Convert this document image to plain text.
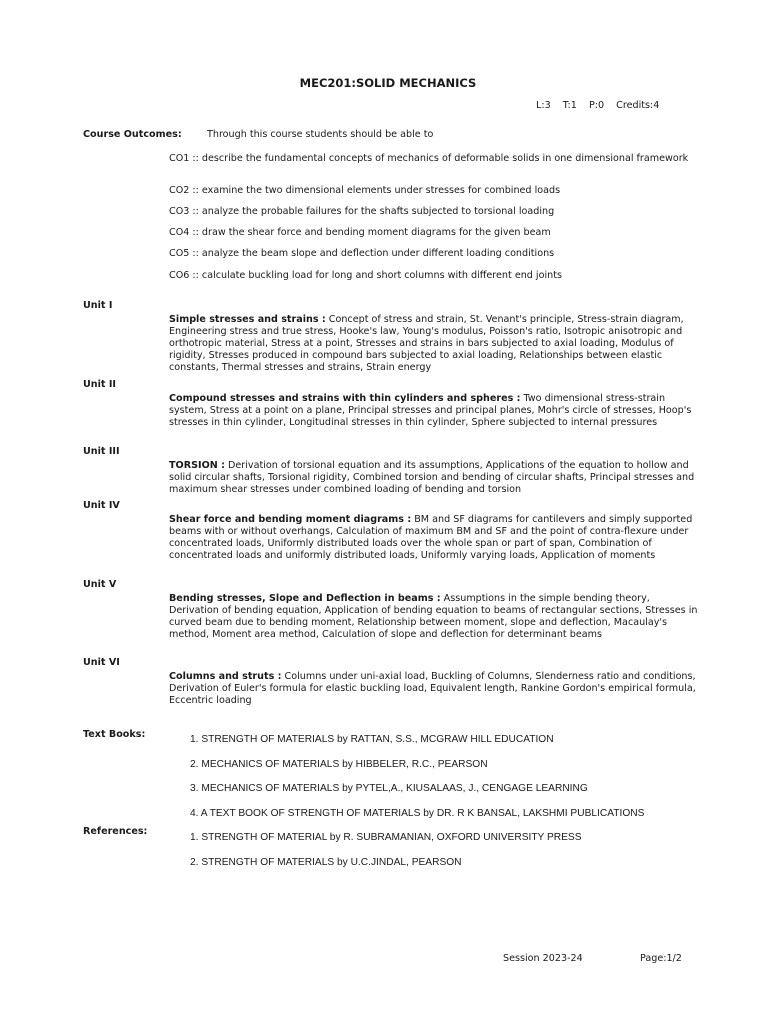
MEC201:SOLID MECHANICS
L:3 T:1 P:0 Credits:4
Course Outcomes:	Through this course students should be able to
CO1 :: describe the fundamental concepts of mechanics of deformable solids in one dimensional framework
CO2 :: examine the two dimensional elements under stresses for combined loads
CO3 :: analyze the probable failures for the shafts subjected to torsional loading
CO4 :: draw the shear force and bending moment diagrams for the given beam
CO5 :: analyze the beam slope and deflection under different loading conditions
CO6 :: calculate buckling load for long and short columns with different end joints
Unit I
Simple stresses and strains : Concept of stress and strain, St. Venant's principle, Stress-strain diagram, Engineering stress and true stress, Hooke's law, Young's modulus, Poisson's ratio, Isotropic anisotropic and orthotropic material, Stress at a point, Stresses and strains in bars subjected to axial loading, Modulus of rigidity, Stresses produced in compound bars subjected to axial loading, Relationships between elastic constants, Thermal stresses and strains, Strain energy
Unit II
Compound stresses and strains with thin cylinders and spheres : Two dimensional stress-strain system, Stress at a point on a plane, Principal stresses and principal planes, Mohr's circle of stresses, Hoop's stresses in thin cylinder, Longitudinal stresses in thin cylinder, Sphere subjected to internal pressures
Unit III
TORSION : Derivation of torsional equation and its assumptions, Applications of the equation to hollow and solid circular shafts, Torsional rigidity, Combined torsion and bending of circular shafts, Principal stresses and maximum shear stresses under combined loading of bending and torsion
Unit IV
Shear force and bending moment diagrams : BM and SF diagrams for cantilevers and simply supported beams with or without overhangs, Calculation of maximum BM and SF and the point of contra-flexure under concentrated loads, Uniformly distributed loads over the whole span or part of span, Combination of concentrated loads and uniformly distributed loads, Uniformly varying loads, Application of moments
Unit V
Bending stresses, Slope and Deflection in beams : Assumptions in the simple bending theory, Derivation of bending equation, Application of bending equation to beams of rectangular sections, Stresses in curved beam due to bending moment, Relationship between moment, slope and deflection, Macaulay's method, Moment area method, Calculation of slope and deflection for determinant beams
Unit VI
Columns and struts : Columns under uni-axial load, Buckling of Columns, Slenderness ratio and conditions, Derivation of Euler's formula for elastic buckling load, Equivalent length, Rankine Gordon's empirical formula, Eccentric loading
Text Books:	1. STRENGTH OF MATERIALS by RATTAN, S.S., MCGRAW HILL EDUCATION
2. MECHANICS OF MATERIALS by HIBBELER, R.C., PEARSON
3. MECHANICS OF MATERIALS by PYTEL,A., KIUSALAAS, J., CENGAGE LEARNING
4. A TEXT BOOK OF STRENGTH OF MATERIALS by DR. R K BANSAL, LAKSHMI PUBLICATIONS
References:
1. STRENGTH OF MATERIAL by R. SUBRAMANIAN, OXFORD UNIVERSITY PRESS
2. STRENGTH OF MATERIALS by U.C.JINDAL, PEARSON
Session 2023-24	Page:1/2
